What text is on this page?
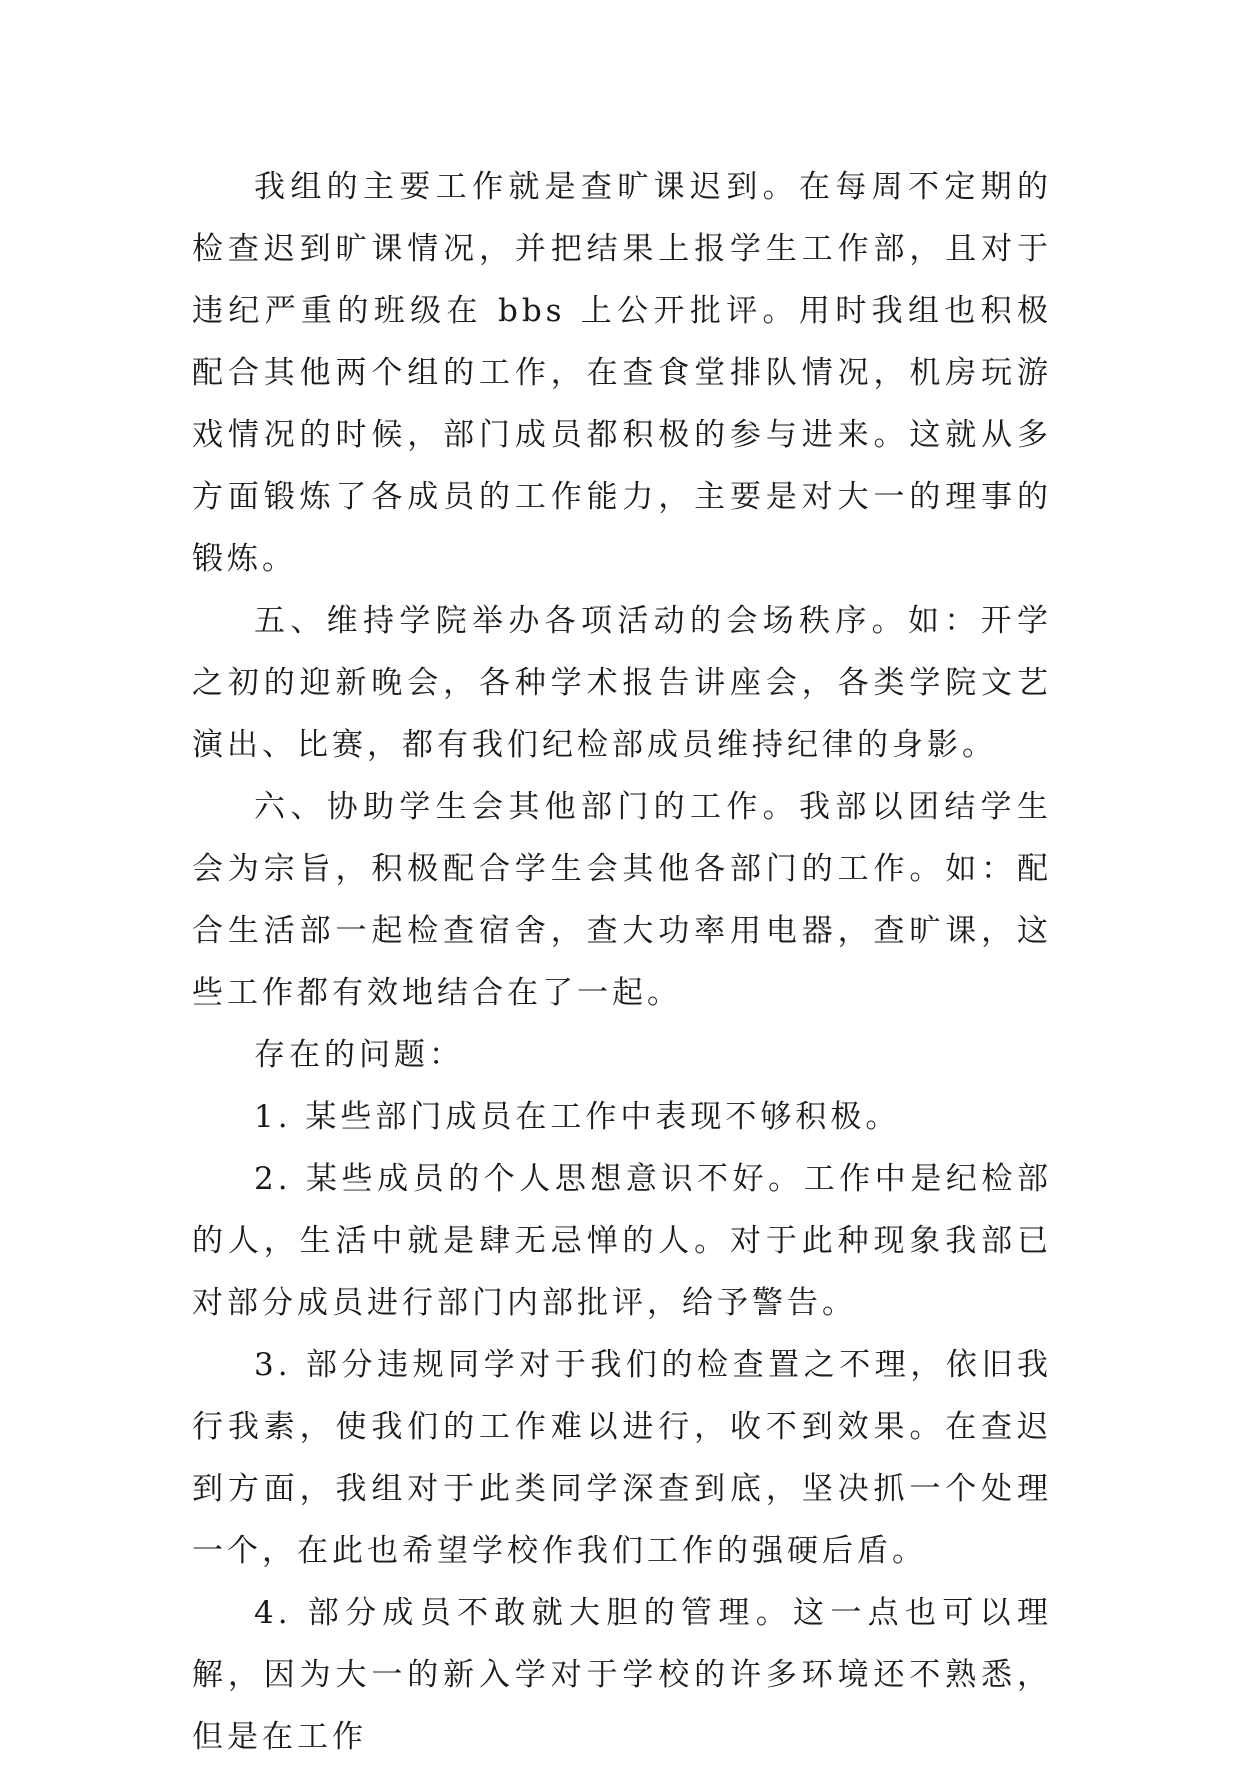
我组的主要工作就是查旷课迟到。在每周不定期的检查迟到旷课情况，并把结果上报学生工作部，且对于违纪严重的班级在 bbs 上公开批评。用时我组也积极配合其他两个组的工作，在查食堂排队情况，机房玩游戏情况的时候，部门成员都积极的参与进来。这就从多方面锻炼了各成员的工作能力，主要是对大一的理事的锻炼。

五、维持学院举办各项活动的会场秩序。如：开学之初的迎新晚会，各种学术报告讲座会，各类学院文艺演出、比赛，都有我们纪检部成员维持纪律的身影。

六、协助学生会其他部门的工作。我部以团结学生会为宗旨，积极配合学生会其他各部门的工作。如：配合生活部一起检查宿舍，查大功率用电器，查旷课，这些工作都有效地结合在了一起。

存在的问题：

1. 某些部门成员在工作中表现不够积极。

2. 某些成员的个人思想意识不好。工作中是纪检部的人，生活中就是肆无忌惮的人。对于此种现象我部已对部分成员进行部门内部批评，给予警告。

3. 部分违规同学对于我们的检查置之不理，依旧我行我素，使我们的工作难以进行，收不到效果。在查迟到方面，我组对于此类同学深查到底，坚决抓一个处理一个，在此也希望学校作我们工作的强硬后盾。

4. 部分成员不敢就大胆的管理。这一点也可以理解，因为大一的新入学对于学校的许多环境还不熟悉，但是在工作
